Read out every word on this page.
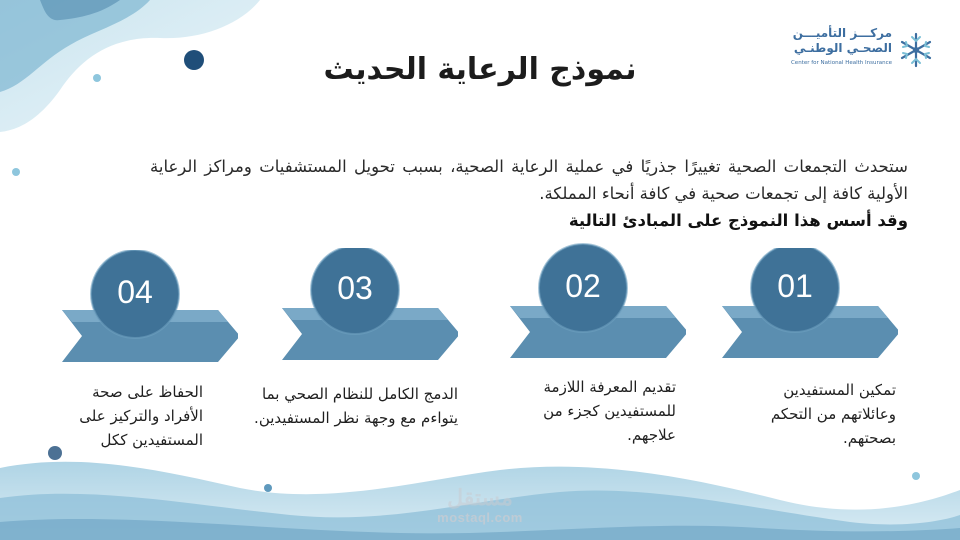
مركـــز التأميـــن
الصحـي الوطنـي
Center for National Health Insurance
نموذج الرعاية الحديث
ستحدث التجمعات الصحية تغييرًا جذريًا في عملية الرعاية الصحية، بسبب تحويل المستشفيات ومراكز الرعاية الأولية كافة إلى تجمعات صحية في كافة أنحاء المملكة.
وقد أسس هذا النموذج على المبادئ التالية
01
تمكين المستفيدين وعائلاتهم من التحكم بصحتهم.
02
تقديم المعرفة اللازمة للمستفيدين كجزء من علاجهم.
03
الدمج الكامل للنظام الصحي بما يتواءم مع وجهة نظر المستفيدين.
04
الحفاظ على صحة الأفراد والتركيز على المستفيدين ككل
مستقل
mostaql.com
